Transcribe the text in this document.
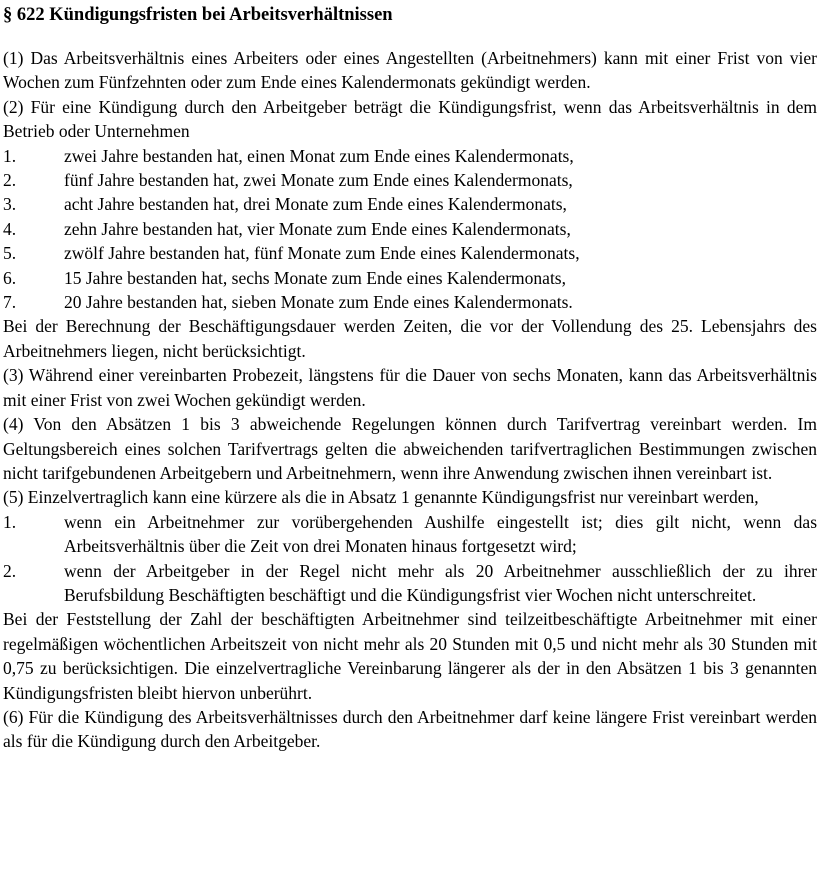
§ 622 Kündigungsfristen bei Arbeitsverhältnissen

(1) Das Arbeitsverhältnis eines Arbeiters oder eines Angestellten (Arbeitnehmers) kann mit einer Frist von vier Wochen zum Fünfzehnten oder zum Ende eines Kalendermonats gekündigt werden.

(2) Für eine Kündigung durch den Arbeitgeber beträgt die Kündigungsfrist, wenn das Arbeitsverhältnis in dem Betrieb oder Unternehmen

1.	zwei Jahre bestanden hat, einen Monat zum Ende eines Kalendermonats,
2.	fünf Jahre bestanden hat, zwei Monate zum Ende eines Kalendermonats,
3.	acht Jahre bestanden hat, drei Monate zum Ende eines Kalendermonats,
4.	zehn Jahre bestanden hat, vier Monate zum Ende eines Kalendermonats,
5.	zwölf Jahre bestanden hat, fünf Monate zum Ende eines Kalendermonats,
6.	15 Jahre bestanden hat, sechs Monate zum Ende eines Kalendermonats,
7.	20 Jahre bestanden hat, sieben Monate zum Ende eines Kalendermonats.

Bei der Berechnung der Beschäftigungsdauer werden Zeiten, die vor der Vollendung des 25. Lebensjahrs des Arbeitnehmers liegen, nicht berücksichtigt.

(3) Während einer vereinbarten Probezeit, längstens für die Dauer von sechs Monaten, kann das Arbeitsverhältnis mit einer Frist von zwei Wochen gekündigt werden.

(4) Von den Absätzen 1 bis 3 abweichende Regelungen können durch Tarifvertrag vereinbart werden. Im Geltungsbereich eines solchen Tarifvertrags gelten die abweichenden tarifvertraglichen Bestimmungen zwischen nicht tarifgebundenen Arbeitgebern und Arbeitnehmern, wenn ihre Anwendung zwischen ihnen vereinbart ist.

(5) Einzelvertraglich kann eine kürzere als die in Absatz 1 genannte Kündigungsfrist nur vereinbart werden,

1.	wenn ein Arbeitnehmer zur vorübergehenden Aushilfe eingestellt ist; dies gilt nicht, wenn das Arbeitsverhältnis über die Zeit von drei Monaten hinaus fortgesetzt wird;
2.	wenn der Arbeitgeber in der Regel nicht mehr als 20 Arbeitnehmer ausschließlich der zu ihrer Berufsbildung Beschäftigten beschäftigt und die Kündigungsfrist vier Wochen nicht unterschreitet.

Bei der Feststellung der Zahl der beschäftigten Arbeitnehmer sind teilzeitbeschäftigte Arbeitnehmer mit einer regelmäßigen wöchentlichen Arbeitszeit von nicht mehr als 20 Stunden mit 0,5 und nicht mehr als 30 Stunden mit 0,75 zu berücksichtigen. Die einzelvertragliche Vereinbarung längerer als der in den Absätzen 1 bis 3 genannten Kündigungsfristen bleibt hiervon unberührt.

(6) Für die Kündigung des Arbeitsverhältnisses durch den Arbeitnehmer darf keine längere Frist vereinbart werden als für die Kündigung durch den Arbeitgeber.
